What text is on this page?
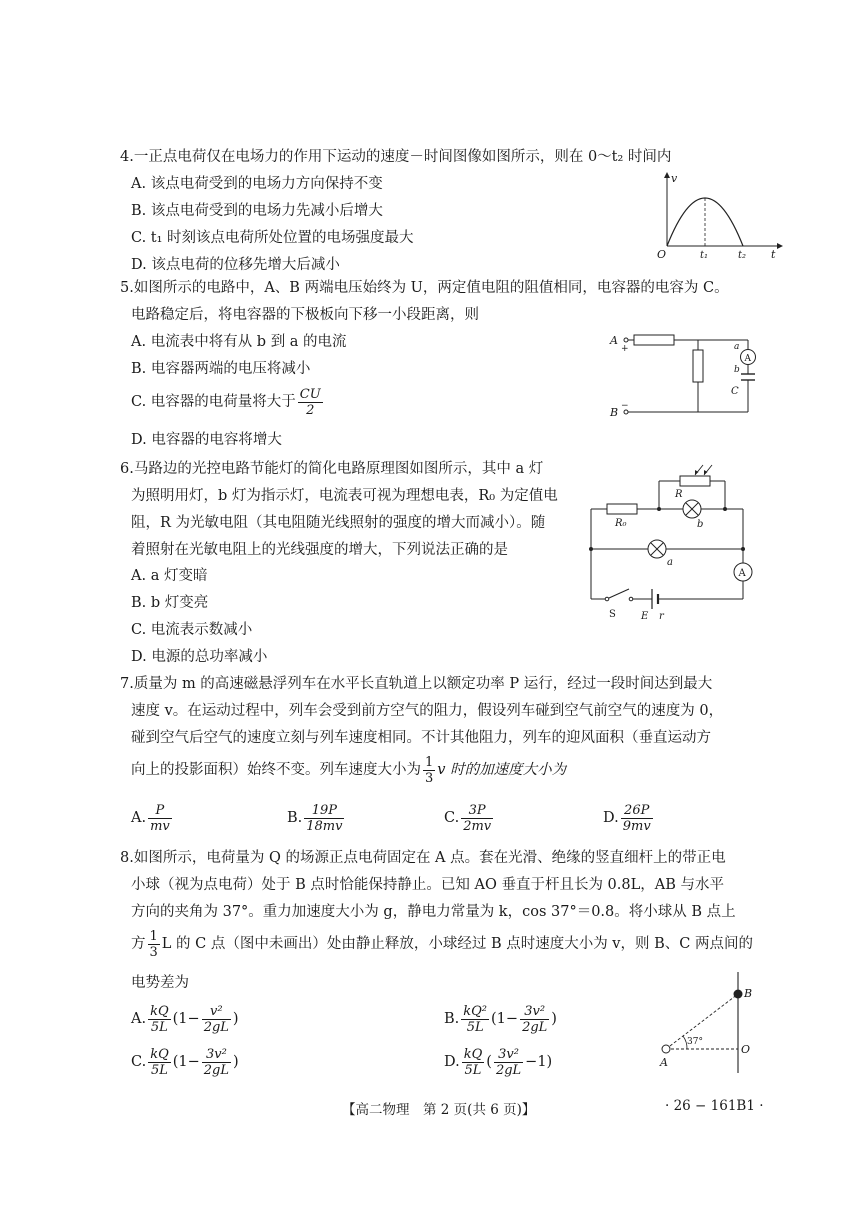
4.一正点电荷仅在电场力的作用下运动的速度－时间图像如图所示，则在 0～t₂ 时间内
A. 该点电荷受到的电场力方向保持不变
B. 该点电荷受到的电场力先减小后增大
C. t₁ 时刻该点电荷所处位置的电场强度最大
D. 该点电荷的位移先增大后减小
v
O	t₁	t₂ t
5.如图所示的电路中，A、B 两端电压始终为 U，两定值电阻的阻值相同，电容器的电容为 C。
电路稳定后，将电容器的下极板向下移一小段距离，则
A. 电流表中将有从 b 到 a 的电流
B. 电容器两端的电压将减小
C. 电容器的电荷量将大于 $\frac{CU}{2}$
D. 电容器的电容将增大
A
A
+
B −
a
b
C
6.马路边的光控电路节能灯的简化电路原理图如图所示，其中 a 灯
为照明用灯，b 灯为指示灯，电流表可视为理想电表，R₀ 为定值电
阻，R 为光敏电阻（其电阻随光线照射的强度的增大而减小）。随
着照射在光敏电阻上的光线强度的增大，下列说法正确的是
A. a 灯变暗
B. b 灯变亮
C. 电流表示数减小
D. 电源的总功率减小
R
R₀	b
a
A
S	E r
7.质量为 m 的高速磁悬浮列车在水平长直轨道上以额定功率 P 运行，经过一段时间达到最大
速度 v。在运动过程中，列车会受到前方空气的阻力，假设列车碰到空气前空气的速度为 0，
碰到空气后空气的速度立刻与列车速度相同。不计其他阻力，列车的迎风面积（垂直运动方
向上的投影面积）始终不变。列车速度大小为 $\frac{1}{3}$ v 时的加速度大小为
A. $\frac{P}{mv}$	B. $\frac{19P}{18mv}$	C. $\frac{3P}{2mv}$	D. $\frac{26P}{9mv}$
8.如图所示，电荷量为 Q 的场源正点电荷固定在 A 点。套在光滑、绝缘的竖直细杆上的带正电
小球（视为点电荷）处于 B 点时恰能保持静止。已知 AO 垂直于杆且长为 0.8L，AB 与水平
方向的夹角为 37°。重力加速度大小为 g，静电力常量为 k，cos 37°＝0.8。将小球从 B 点上
方 $\frac{1}{3}$ L 的 C 点（图中未画出）处由静止释放，小球经过 B 点时速度大小为 v，则 B、C 两点间的
电势差为
A. $\frac{kQ}{5L} (1- \frac{\text{v²}}{2gL}$ )	B. $\frac{\text{kQ²}}{5L} (1- \frac{\text{3v²}}{2gL}$ )
C. $\frac{kQ}{5L} (1- \frac{\text{3v²}}{2gL}$ )	D. $\frac{kQ}{5L}$ ( $\frac{\text{3v²}}{2gL} -1$)
37°
B
O
A
【高二物理　第 2 页(共 6 页)】	· 26 − 161B1 ·
